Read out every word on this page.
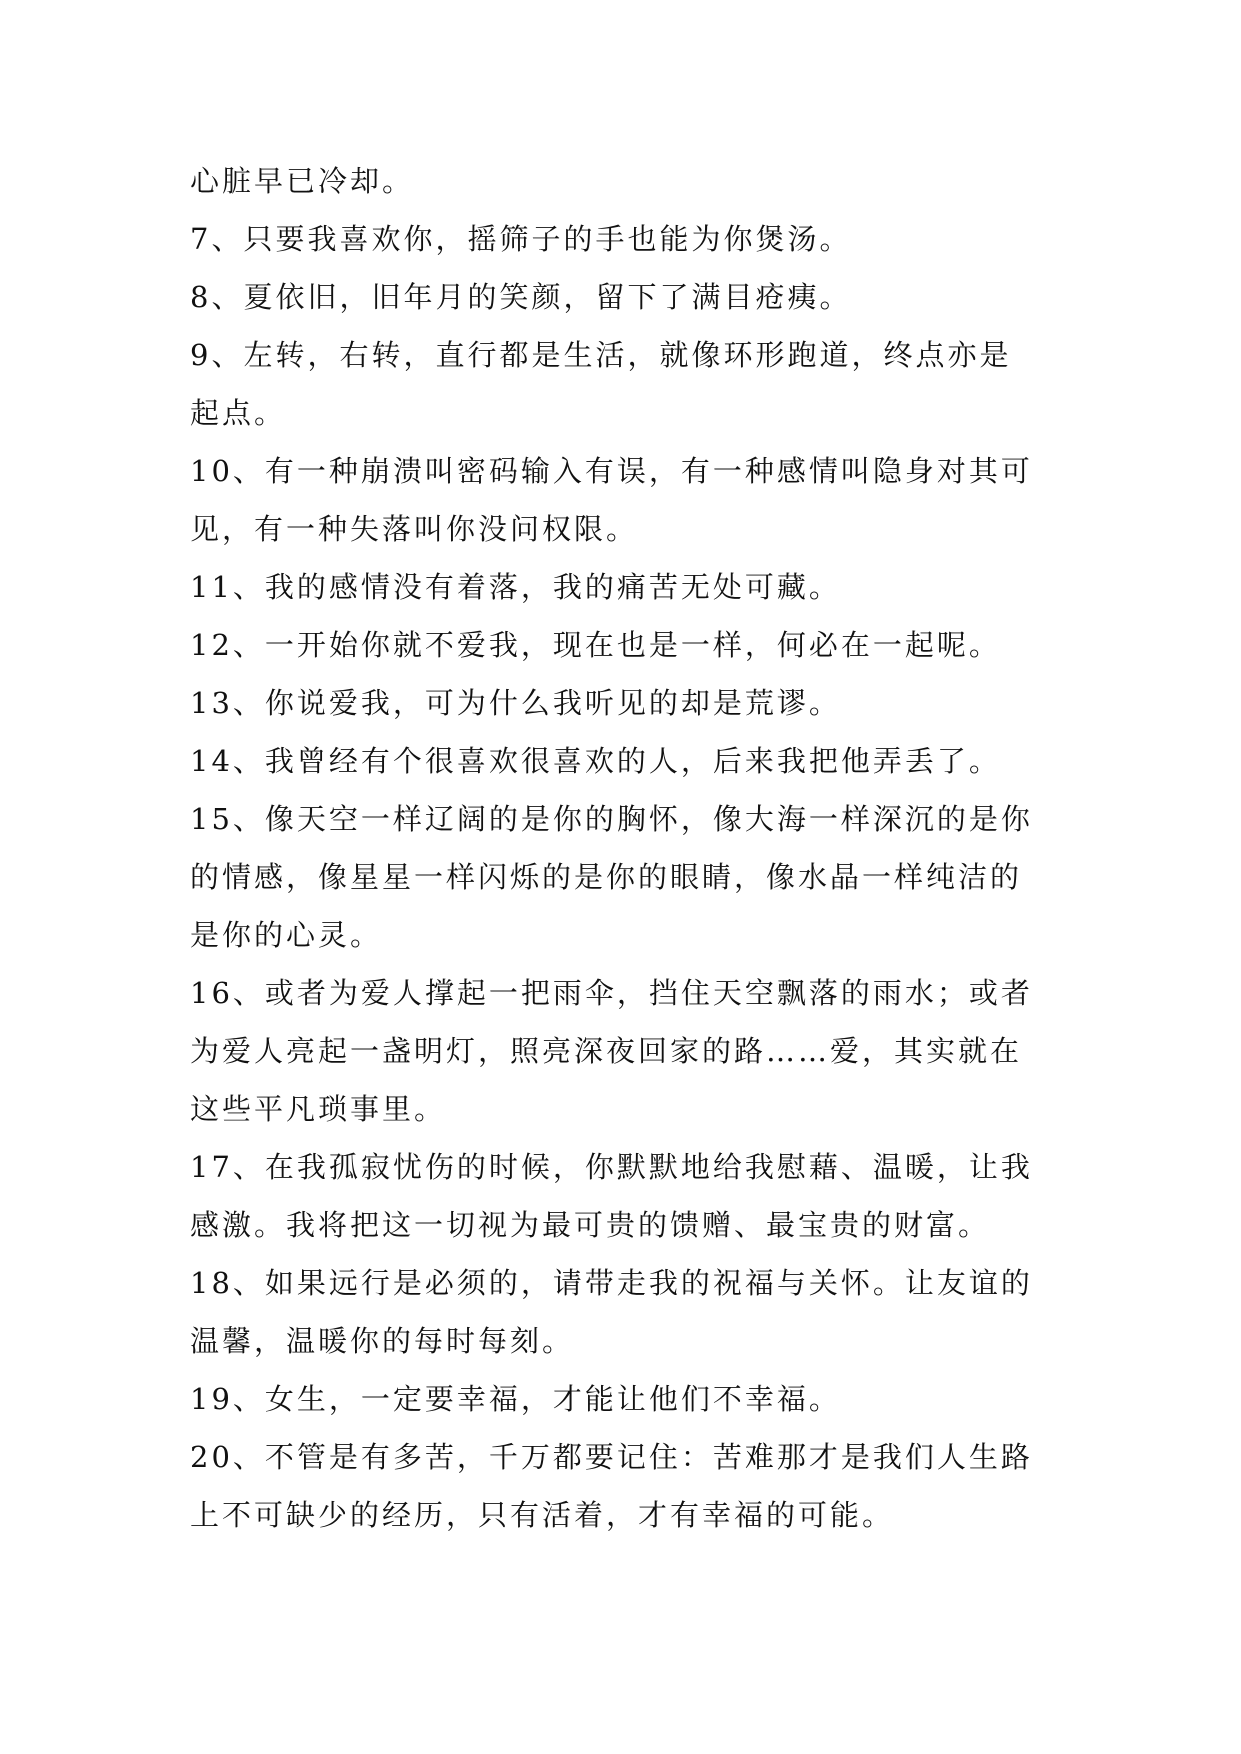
心脏早已冷却。
7、只要我喜欢你，摇筛子的手也能为你煲汤。
8、夏依旧，旧年月的笑颜，留下了满目疮痍。
9、左转，右转，直行都是生活，就像环形跑道，终点亦是
起点。
10、有一种崩溃叫密码输入有误，有一种感情叫隐身对其可
见，有一种失落叫你没问权限。
11、我的感情没有着落，我的痛苦无处可藏。
12、一开始你就不爱我，现在也是一样，何必在一起呢。
13、你说爱我，可为什么我听见的却是荒谬。
14、我曾经有个很喜欢很喜欢的人，后来我把他弄丢了。
15、像天空一样辽阔的是你的胸怀，像大海一样深沉的是你
的情感，像星星一样闪烁的是你的眼睛，像水晶一样纯洁的
是你的心灵。
16、或者为爱人撑起一把雨伞，挡住天空飘落的雨水；或者
为爱人亮起一盏明灯，照亮深夜回家的路……爱，其实就在
这些平凡琐事里。
17、在我孤寂忧伤的时候，你默默地给我慰藉、温暖，让我
感激。我将把这一切视为最可贵的馈赠、最宝贵的财富。
18、如果远行是必须的，请带走我的祝福与关怀。让友谊的
温馨，温暖你的每时每刻。
19、女生，一定要幸福，才能让他们不幸福。
20、不管是有多苦，千万都要记住：苦难那才是我们人生路
上不可缺少的经历，只有活着，才有幸福的可能。
